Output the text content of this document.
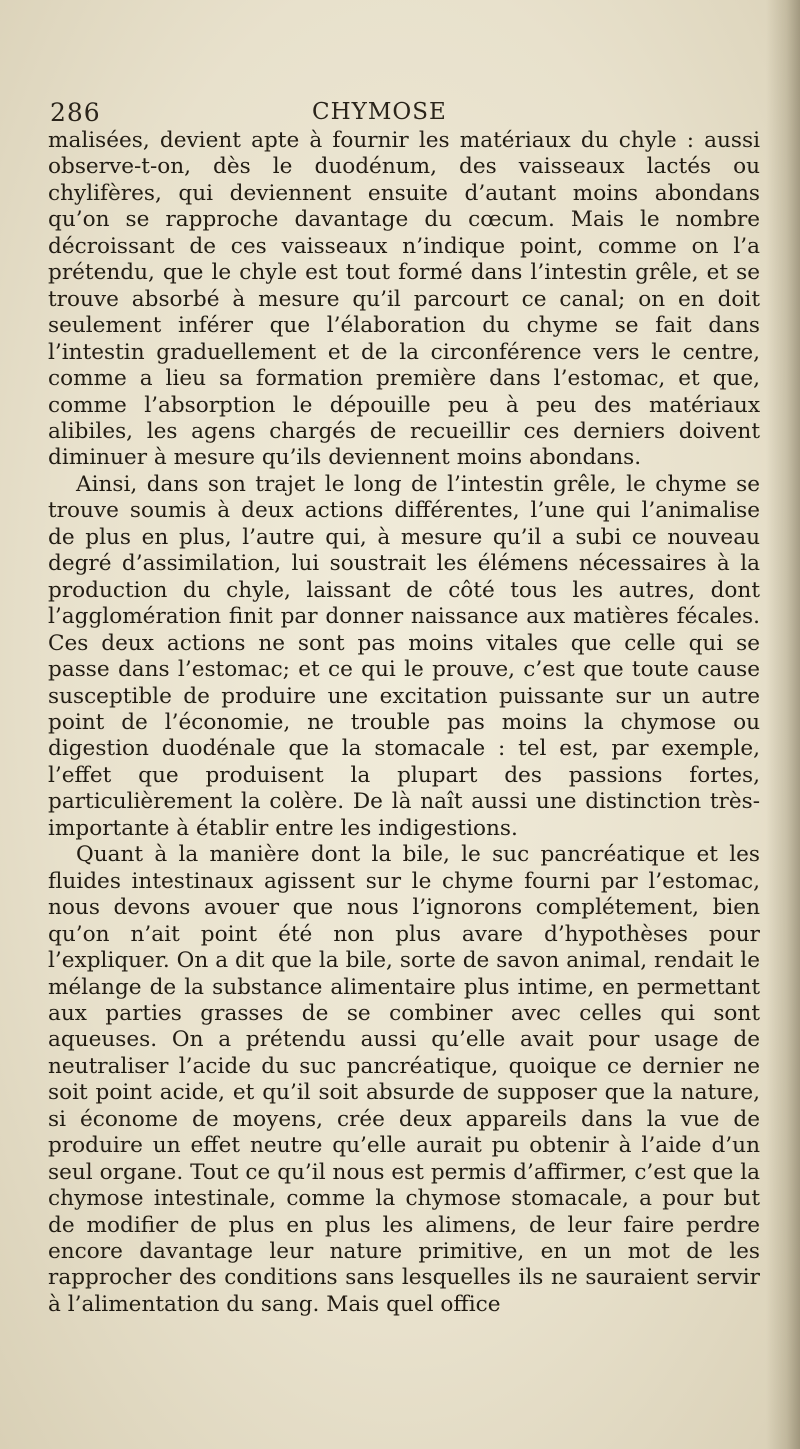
286	CHYMOSE

malisées, devient apte à fournir les matériaux du chyle : aussi observe-t-on, dès le duodénum, des vaisseaux lactés ou chylifères, qui deviennent ensuite d’autant moins abondans qu’on se rapproche davantage du cœcum. Mais le nombre décroissant de ces vaisseaux n’indique point, comme on l’a prétendu, que le chyle est tout formé dans l’intestin grêle, et se trouve absorbé à mesure qu’il parcourt ce canal; on en doit seulement inférer que l’élaboration du chyme se fait dans l’intestin graduellement et de la circonférence vers le centre, comme a lieu sa formation première dans l’estomac, et que, comme l’absorption le dépouille peu à peu des matériaux alibiles, les agens chargés de recueillir ces derniers doivent diminuer à mesure qu’ils deviennent moins abondans.

Ainsi, dans son trajet le long de l’intestin grêle, le chyme se trouve soumis à deux actions différentes, l’une qui l’animalise de plus en plus, l’autre qui, à mesure qu’il a subi ce nouveau degré d’assimilation, lui soustrait les élémens nécessaires à la production du chyle, laissant de côté tous les autres, dont l’agglomération finit par donner naissance aux matières fécales. Ces deux actions ne sont pas moins vitales que celle qui se passe dans l’estomac; et ce qui le prouve, c’est que toute cause susceptible de produire une excitation puissante sur un autre point de l’économie, ne trouble pas moins la chymose ou digestion duodénale que la stomacale : tel est, par exemple, l’effet que produisent la plupart des passions fortes, particulièrement la colère. De là naît aussi une distinction très-importante à établir entre les indigestions.

Quant à la manière dont la bile, le suc pancréatique et les fluides intestinaux agissent sur le chyme fourni par l’estomac, nous devons avouer que nous l’ignorons complétement, bien qu’on n’ait point été non plus avare d’hypothèses pour l’expliquer. On a dit que la bile, sorte de savon animal, rendait le mélange de la substance alimentaire plus intime, en permettant aux parties grasses de se combiner avec celles qui sont aqueuses. On a prétendu aussi qu’elle avait pour usage de neutraliser l’acide du suc pancréatique, quoique ce dernier ne soit point acide, et qu’il soit absurde de supposer que la nature, si économe de moyens, crée deux appareils dans la vue de produire un effet neutre qu’elle aurait pu obtenir à l’aide d’un seul organe. Tout ce qu’il nous est permis d’affirmer, c’est que la chymose intestinale, comme la chymose stomacale, a pour but de modifier de plus en plus les alimens, de leur faire perdre encore davantage leur nature primitive, en un mot de les rapprocher des conditions sans lesquelles ils ne sauraient servir à l’alimentation du sang. Mais quel office
